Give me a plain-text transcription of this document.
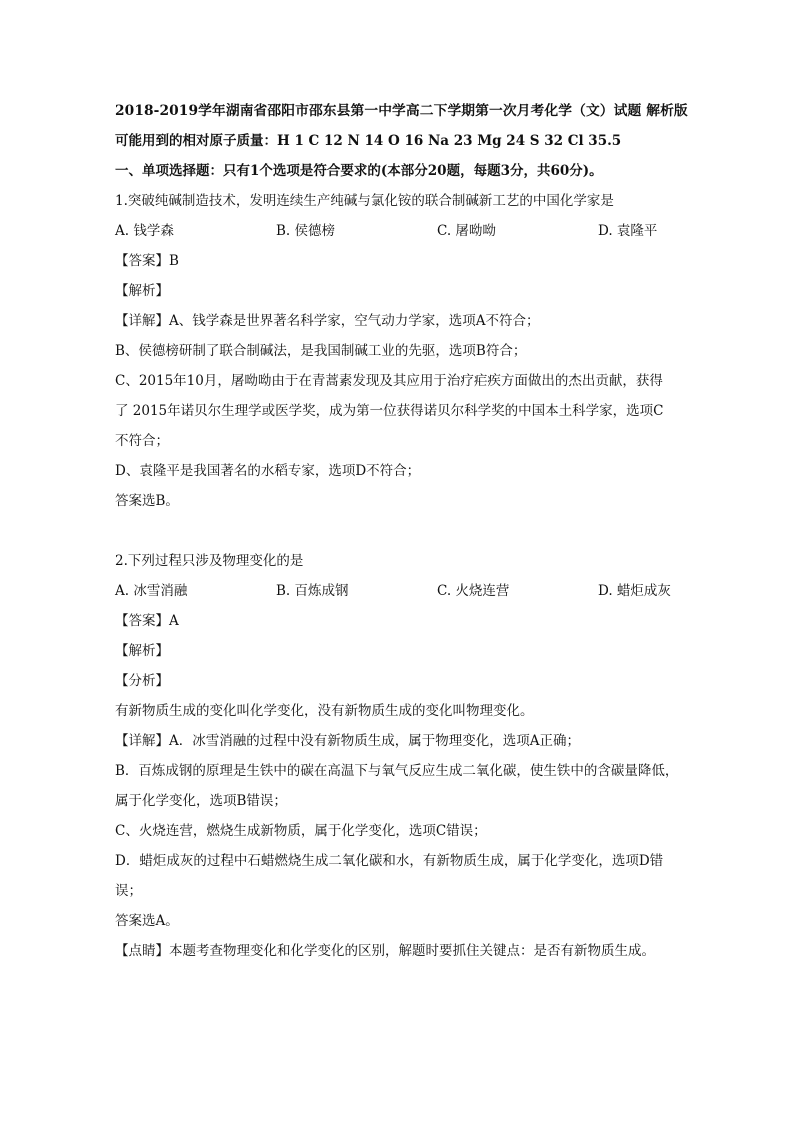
2018-2019学年湖南省邵阳市邵东县第一中学高二下学期第一次月考化学（文）试题 解析版
可能用到的相对原子质量：H 1 C 12 N 14 O 16 Na 23 Mg 24 S 32 Cl 35.5
一、单项选择题：只有1个选项是符合要求的(本部分20题，每题3分，共60分)。
1.突破纯碱制造技术，发明连续生产纯碱与氯化铵的联合制碱新工艺的中国化学家是
A. 钱学森	B. 侯德榜	C. 屠呦呦	D. 袁隆平
【答案】B
【解析】
【详解】A、钱学森是世界著名科学家，空气动力学家，选项A不符合；
B、侯德榜研制了联合制碱法，是我国制碱工业的先驱，选项B符合；
C、2015年10月，屠呦呦由于在青蒿素发现及其应用于治疗疟疾方面做出的杰出贡献，获得
了 2015年诺贝尔生理学或医学奖，成为第一位获得诺贝尔科学奖的中国本土科学家，选项C
不符合；
D、袁隆平是我国著名的水稻专家，选项D不符合；
答案选B。
2.下列过程只涉及物理变化的是
A. 冰雪消融	B. 百炼成钢	C. 火烧连营	D. 蜡炬成灰
【答案】A
【解析】
【分析】
有新物质生成的变化叫化学变化，没有新物质生成的变化叫物理变化。
【详解】A．冰雪消融的过程中没有新物质生成，属于物理变化，选项A正确；
B．百炼成钢的原理是生铁中的碳在高温下与氧气反应生成二氧化碳，使生铁中的含碳量降低，
属于化学变化，选项B错误；
C、火烧连营，燃烧生成新物质，属于化学变化，选项C错误；
D．蜡炬成灰的过程中石蜡燃烧生成二氧化碳和水，有新物质生成，属于化学变化，选项D错
误；
答案选A。
【点睛】本题考查物理变化和化学变化的区别，解题时要抓住关键点：是否有新物质生成。
